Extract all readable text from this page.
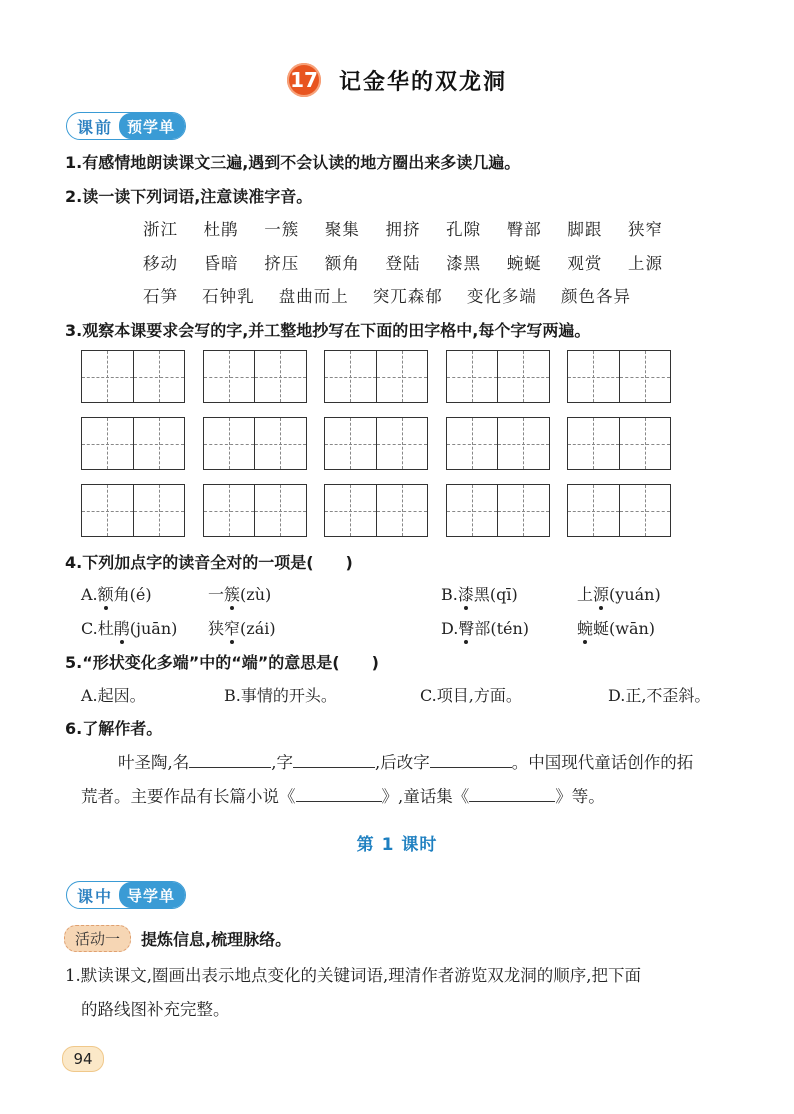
17 记金华的双龙洞
课前 预学单
1.有感情地朗读课文三遍,遇到不会认读的地方圈出来多读几遍。
2.读一读下列词语,注意读准字音。
浙江 杜鹃 一簇 聚集 拥挤 孔隙 臀部 脚跟 狭窄
移动 昏暗 挤压 额角 登陆 漆黑 蜿蜒 观赏 上源
石笋 石钟乳 盘曲而上 突兀森郁 变化多端 颜色各异
3.观察本课要求会写的字,并工整地抄写在下面的田字格中,每个字写两遍。
4.下列加点字的读音全对的一项是(　　)
A.额角(é)	一簇(zù)	B.漆黑(qī)	上源(yuán)
C.杜鹃(juān) 狭窄(zái)	D.臀部(tén)	蜿蜒(wān)
5.“形状变化多端”中的“端”的意思是(　　)
A.起因。	B.事情的开头。	C.项目,方面。	D.正,不歪斜。
6.了解作者。
叶圣陶,名	,字	,后改字	。中国现代童话创作的拓
荒者。主要作品有长篇小说《	》,童话集《	》等。
第 1 课时
课中 导学单
活动一	提炼信息,梳理脉络。
1.默读课文,圈画出表示地点变化的关键词语,理清作者游览双龙洞的顺序,把下面
的路线图补充完整。
94
